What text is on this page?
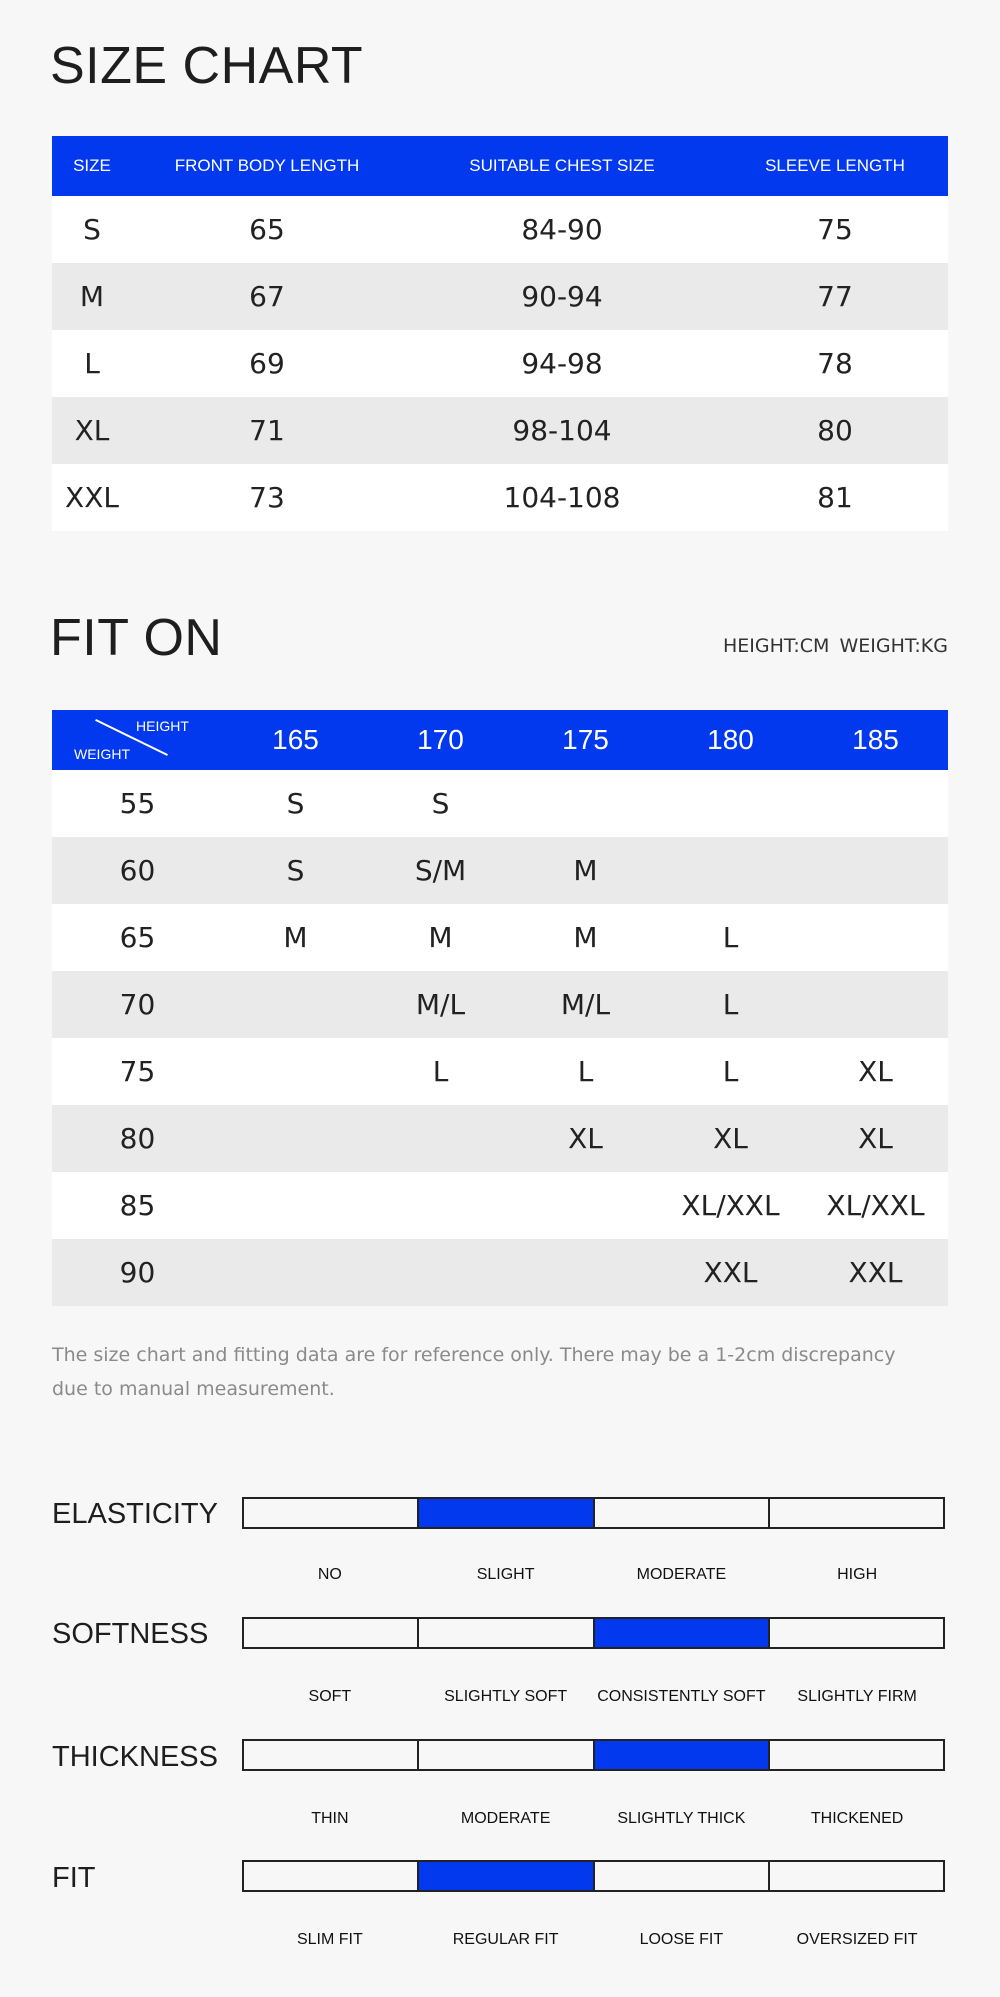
SIZE CHART
SIZE	FRONT BODY LENGTH	SUITABLE CHEST SIZE	SLEEVE LENGTH
S	65	84-90	75
M	67	90-94	77
L	69	94-98	78
XL	71	98-104	80
XXL	73	104-108	81
FIT ON	HEIGHT:CM WEIGHT:KG
HEIGHT
WEIGHT	165	170	175	180	185
55	S	S			
60	S	S/M	M		
65	M	M	M	L	
70		M/L	M/L	L	
75		L	L	L	XL
80			XL	XL	XL
85				XL/XXL	XL/XXL
90				XXL	XXL
The size chart and fitting data are for reference only. There may be a 1-2cm discrepancy due to manual measurement.
ELASTICITY
NO	SLIGHT	MODERATE	HIGH
SOFTNESS
SOFT	SLIGHTLY SOFT	CONSISTENTLY SOFT	SLIGHTLY FIRM
THICKNESS
THIN	MODERATE	SLIGHTLY THICK	THICKENED
FIT
SLIM FIT	REGULAR FIT	LOOSE FIT	OVERSIZED FIT
